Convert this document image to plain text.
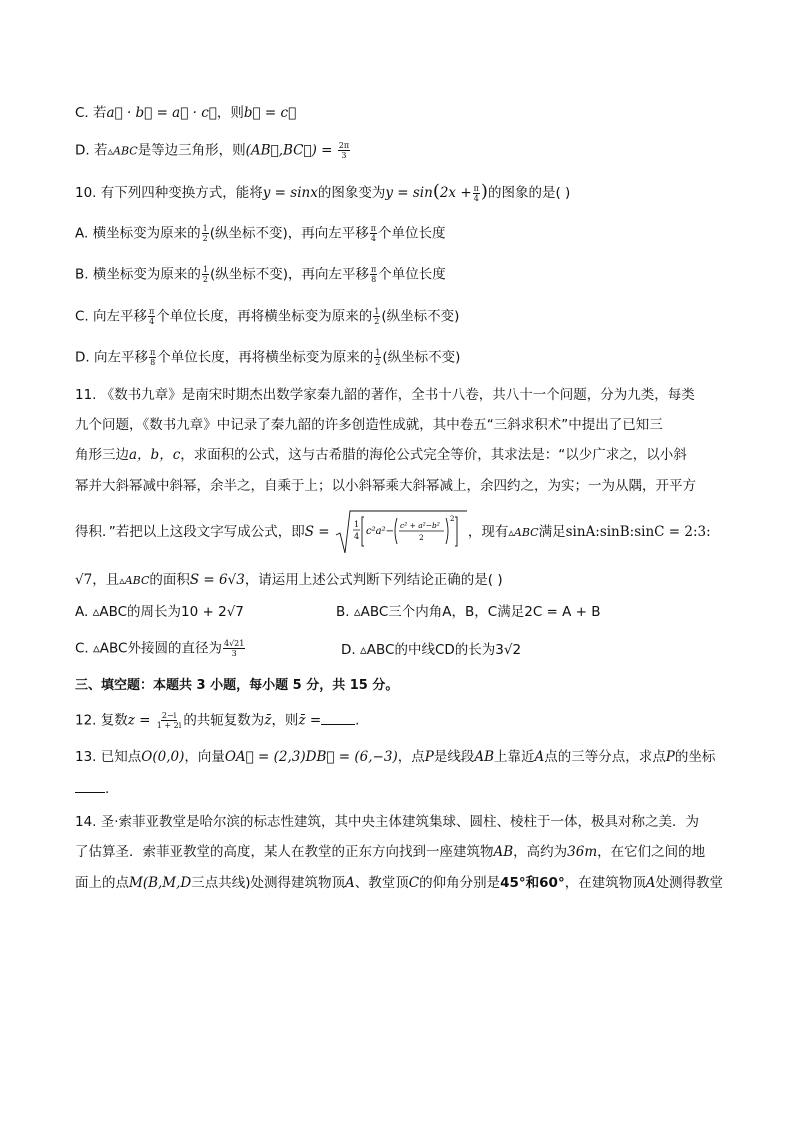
C. 若a⃗ · b⃗ = a⃗ · c⃗，则b⃗ = c⃗
D. 若▵ABC是等边三角形，则(AB⃗,BC⃗) = $\frac{2\pi}{3}$
10. 有下列四种变换方式，能将y = sinx的图象变为$y = \sin(2x + \frac{\pi}{4}$ )的图象的是( )
A. 横坐标变为原来的 $\frac{1}{2}$ (纵坐标不变)，再向左平移 $\frac{\pi}{4}$ 个单位长度
B. 横坐标变为原来的 $\frac{1}{2}$ (纵坐标不变)，再向左平移 $\frac{\pi}{8}$ 个单位长度
C. 向左平移 $\frac{\pi}{4}$ 个单位长度，再将横坐标变为原来的 $\frac{1}{2}$ (纵坐标不变)
D. 向左平移 $\frac{\pi}{8}$ 个单位长度，再将横坐标变为原来的 $\frac{1}{2}$ (纵坐标不变)
11. 《数书九章》是南宋时期杰出数学家秦九韶的著作，全书十八卷，共八十一个问题，分为九类，每类
九个问题，《数书九章》中记录了秦九韶的许多创造性成就，其中卷五“三斜求积术”中提出了已知三
角形三边a，b，c，求面积的公式，这与古希腊的海伦公式完全等价，其求法是：“以少广求之，以小斜
幂并大斜幂减中斜幂，余半之，自乘于上；以小斜幂乘大斜幂减上，余四约之，为实；一为从隅，开平方
得积．”若把以上这段文字写成公式，即S =	1
4 c²a²−
c² + a²−b²
2
2
，现有▵ABC满足sinA:sinB:sinC = 2:3:
√7，且▵ABC的面积S = 6√3，请运用上述公式判断下列结论正确的是( )
A. ▵ABC的周长为10 + 2√7	B. ▵ABC三个内角A，B，C满足2C = A + B
C. ▵ABC外接圆的直径为 $\frac{4√21}{3}$	D. ▵ABC的中线CD的长为3√2
三、填空题：本题共 3 小题，每小题 5 分，共 15 分。
12. 复数$z = \frac{2-i}{1 + 2i}$ 的共轭复数为z̄，则z̄ =	.
13. 已知点O(0,0)，向量OA⃗ = (2,3)DB⃗ = (6,−3)，点P是线段AB上靠近A点的三等分点，求点P的坐标
.
14. 圣·索菲亚教堂是哈尔滨的标志性建筑，其中央主体建筑集球、圆柱、棱柱于一体，极具对称之美．为
了估算圣．索菲亚教堂的高度，某人在教堂的正东方向找到一座建筑物AB，高约为36m，在它们之间的地
面上的点M(B,M,D三点共线)处测得建筑物顶A、教堂顶C的仰角分别是45°和60°，在建筑物顶A处测得教堂
